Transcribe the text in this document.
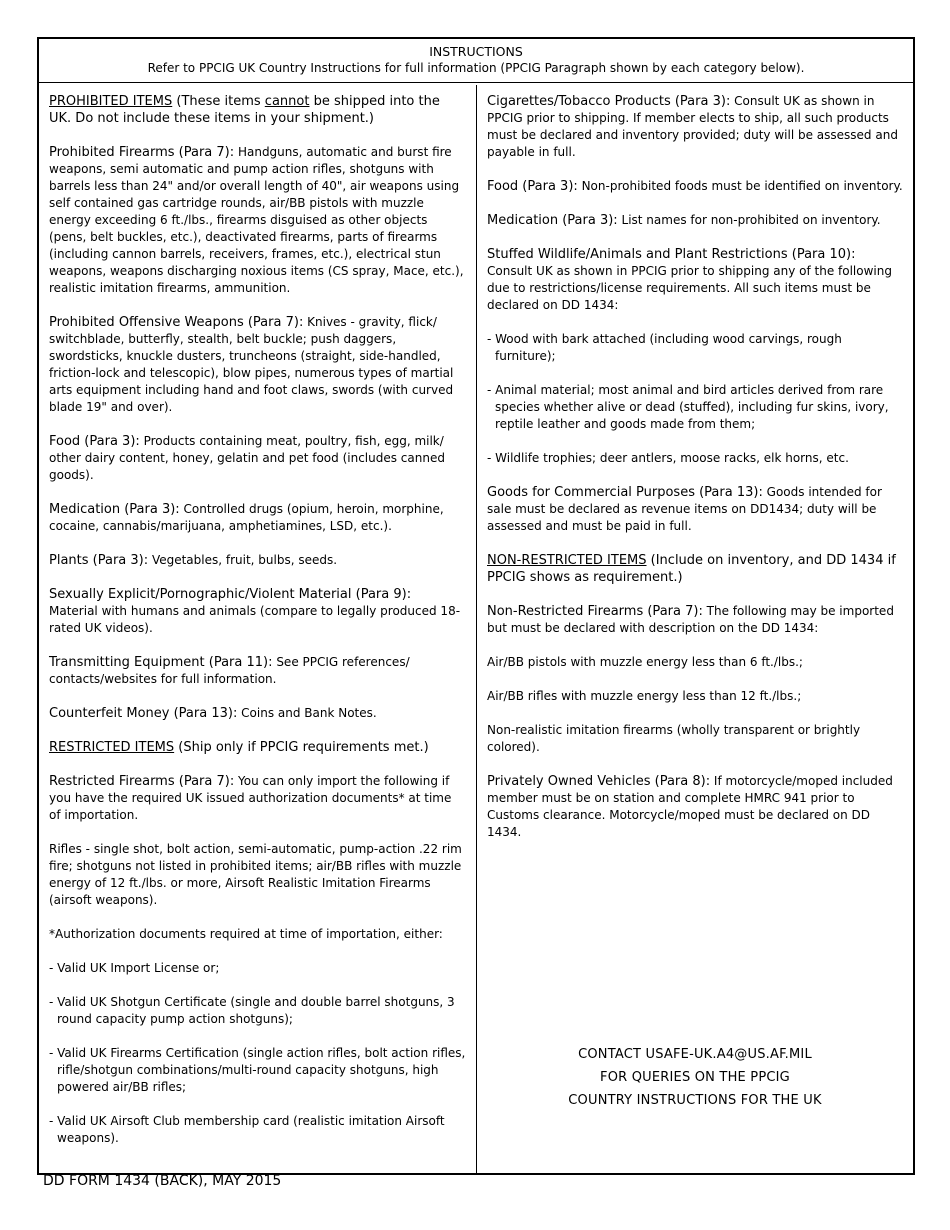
INSTRUCTIONS
Refer to PPCIG UK Country Instructions for full information (PPCIG Paragraph shown by each category below).

PROHIBITED ITEMS (These items cannot be shipped into the UK. Do not include these items in your shipment.)

Prohibited Firearms (Para 7): Handguns, automatic and burst fire weapons, semi automatic and pump action rifles, shotguns with barrels less than 24" and/or overall length of 40", air weapons using self contained gas cartridge rounds, air/BB pistols with muzzle energy exceeding 6 ft./lbs., firearms disguised as other objects (pens, belt buckles, etc.), deactivated firearms, parts of firearms (including cannon barrels, receivers, frames, etc.), electrical stun weapons, weapons discharging noxious items (CS spray, Mace, etc.), realistic imitation firearms, ammunition.

Prohibited Offensive Weapons (Para 7): Knives - gravity, flick/ switchblade, butterfly, stealth, belt buckle; push daggers, swordsticks, knuckle dusters, truncheons (straight, side-handled, friction-lock and telescopic), blow pipes, numerous types of martial arts equipment including hand and foot claws, swords (with curved blade 19" and over).

Food (Para 3): Products containing meat, poultry, fish, egg, milk/ other dairy content, honey, gelatin and pet food (includes canned goods).

Medication (Para 3): Controlled drugs (opium, heroin, morphine, cocaine, cannabis/marijuana, amphetiamines, LSD, etc.).

Plants (Para 3): Vegetables, fruit, bulbs, seeds.

Sexually Explicit/Pornographic/Violent Material (Para 9):
Material with humans and animals (compare to legally produced 18-rated UK videos).

Transmitting Equipment (Para 11): See PPCIG references/ contacts/websites for full information.

Counterfeit Money (Para 13): Coins and Bank Notes.

RESTRICTED ITEMS (Ship only if PPCIG requirements met.)

Restricted Firearms (Para 7): You can only import the following if you have the required UK issued authorization documents* at time of importation.

Rifles - single shot, bolt action, semi-automatic, pump-action .22 rim fire; shotguns not listed in prohibited items; air/BB rifles with muzzle energy of 12 ft./lbs. or more, Airsoft Realistic Imitation Firearms (airsoft weapons).

*Authorization documents required at time of importation, either:

- Valid UK Import License or;

- Valid UK Shotgun Certificate (single and double barrel shotguns, 3 round capacity pump action shotguns);

- Valid UK Firearms Certification (single action rifles, bolt action rifles, rifle/shotgun combinations/multi-round capacity shotguns, high powered air/BB rifles;

- Valid UK Airsoft Club membership card (realistic imitation Airsoft weapons).

Cigarettes/Tobacco Products (Para 3): Consult UK as shown in PPCIG prior to shipping. If member elects to ship, all such products must be declared and inventory provided; duty will be assessed and payable in full.

Food (Para 3): Non-prohibited foods must be identified on inventory.

Medication (Para 3): List names for non-prohibited on inventory.

Stuffed Wildlife/Animals and Plant Restrictions (Para 10):
Consult UK as shown in PPCIG prior to shipping any of the following due to restrictions/license requirements. All such items must be declared on DD 1434:

- Wood with bark attached (including wood carvings, rough furniture);

- Animal material; most animal and bird articles derived from rare species whether alive or dead (stuffed), including fur skins, ivory, reptile leather and goods made from them;

- Wildlife trophies; deer antlers, moose racks, elk horns, etc.

Goods for Commercial Purposes (Para 13): Goods intended for sale must be declared as revenue items on DD1434; duty will be assessed and must be paid in full.

NON-RESTRICTED ITEMS (Include on inventory, and DD 1434 if PPCIG shows as requirement.)

Non-Restricted Firearms (Para 7): The following may be imported but must be declared with description on the DD 1434:

Air/BB pistols with muzzle energy less than 6 ft./lbs.;

Air/BB rifles with muzzle energy less than 12 ft./lbs.;

Non-realistic imitation firearms (wholly transparent or brightly colored).

Privately Owned Vehicles (Para 8): If motorcycle/moped included member must be on station and complete HMRC 941 prior to Customs clearance. Motorcycle/moped must be declared on DD 1434.

CONTACT USAFE-UK.A4@US.AF.MIL
FOR QUERIES ON THE PPCIG
COUNTRY INSTRUCTIONS FOR THE UK
DD FORM 1434 (BACK), MAY 2015
